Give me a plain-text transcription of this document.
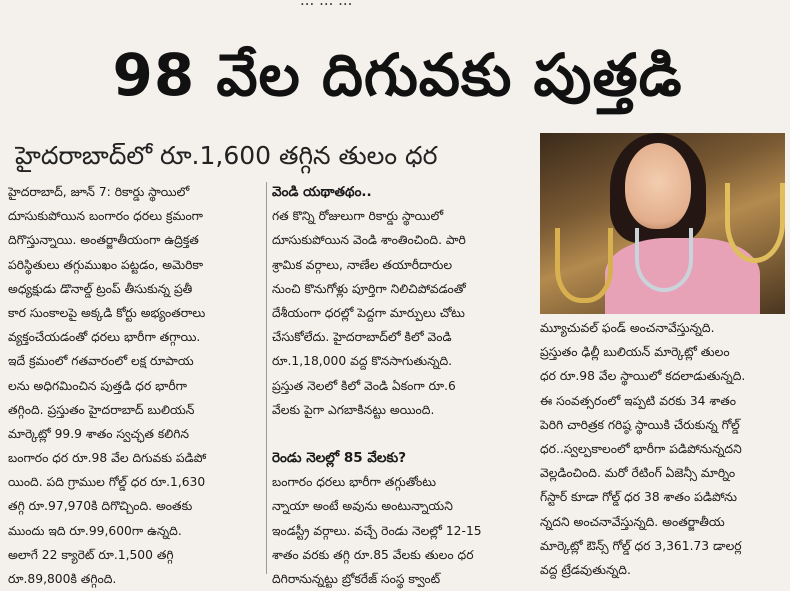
... ... ...
98 వేల దిగువకు పుత్తడి
హైదరాబాద్‌లో రూ.1,600 తగ్గిన తులం ధర

హైదరాబాద్, జూన్ 7: రికార్డు స్థాయిలో

దూసుకుపోయిన బంగారం ధరలు క్రమంగా

దిగొస్తున్నాయి. అంతర్జాతీయంగా ఉద్రిక్తత

పరిస్థితులు తగ్గుముఖం పట్టడం, అమెరికా

అధ్యక్షుడు డొనాల్డ్ ట్రంప్ తీసుకున్న ప్రతీ

కార సుంకాలపై అక్కడి కోర్టు అభ్యంతరాలు

వ్యక్తంచేయడంతో ధరలు భారీగా తగ్గాయి.

ఇదే క్రమంలో గతవారంలో లక్ష రూపాయ

లను అధిగమించిన పుత్తడి ధర భారీగా

తగ్గింది. ప్రస్తుతం హైదరాబాద్ బులియన్

మార్కెట్లో 99.9 శాతం స్వచ్ఛత కలిగిన

బంగారం ధర రూ.98 వేల దిగువకు పడిపో

యింది. పది గ్రాముల గోల్డ్ ధర రూ.1,630

తగ్గి రూ.97,970కి దిగొచ్చింది. అంతకు

ముందు ఇది రూ.99,600గా ఉన్నది.

అలాగే 22 క్యారెట్ రూ.1,500 తగ్గి

రూ.89,800కి తగ్గింది.

వెండి యథాతథం..

గత కొన్ని రోజులుగా రికార్డు స్థాయిలో

దూసుకుపోయిన వెండి శాంతించింది. పారి

శ్రామిక వర్గాలు, నాణేల తయారీదారుల

నుంచి కొనుగోళ్లు పూర్తిగా నిలిచిపోవడంతో

దేశీయంగా ధరల్లో పెద్దగా మార్పులు చోటు

చేసుకోలేదు. హైదరాబాద్‌లో కిలో వెండి

రూ.1,18,000 వద్ద కొనసాగుతున్నది.

ప్రస్తుత నెలలో కిలో వెండి ఏకంగా రూ.6

వేలకు పైగా ఎగబాకినట్టు అయింది.

రెండు నెలల్లో 85 వేలకు?

బంగారం ధరలు భారీగా తగ్గుతోంటు

న్నాయా అంటే అవును అంటున్నాయని

ఇండస్ట్రీ వర్గాలు. వచ్చే రెండు నెలల్లో 12-15

శాతం వరకు తగ్గి రూ.85 వేలకు తులం ధర

దిగిరానున్నట్టు బ్రోకరేజ్ సంస్థ క్వాంట్

మ్యూచువల్ ఫండ్ అంచనావేస్తున్నది.

ప్రస్తుతం ఢిల్లీ బులియన్ మార్కెట్లో తులం

ధర రూ.98 వేల స్థాయిలో కదలాడుతున్నది.

ఈ సంవత్సరంలో ఇప్పటి వరకు 34 శాతం

పెరిగి చారిత్రక గరిష్ఠ స్థాయికి చేరుకున్న గోల్డ్

ధర..స్వల్పకాలంలో భారీగా పడిపోనున్నదని

వెల్లడించింది. మరో రేటింగ్ ఏజెన్సీ మార్నిం

గ్‌స్టార్ కూడా గోల్డ్ ధర 38 శాతం పడిపోను

న్నదని అంచనావేస్తున్నది. అంతర్జాతీయ

మార్కెట్లో ఔన్స్ గోల్డ్ ధర 3,361.73 డాలర్ల

వద్ద ట్రేడవుతున్నది.
